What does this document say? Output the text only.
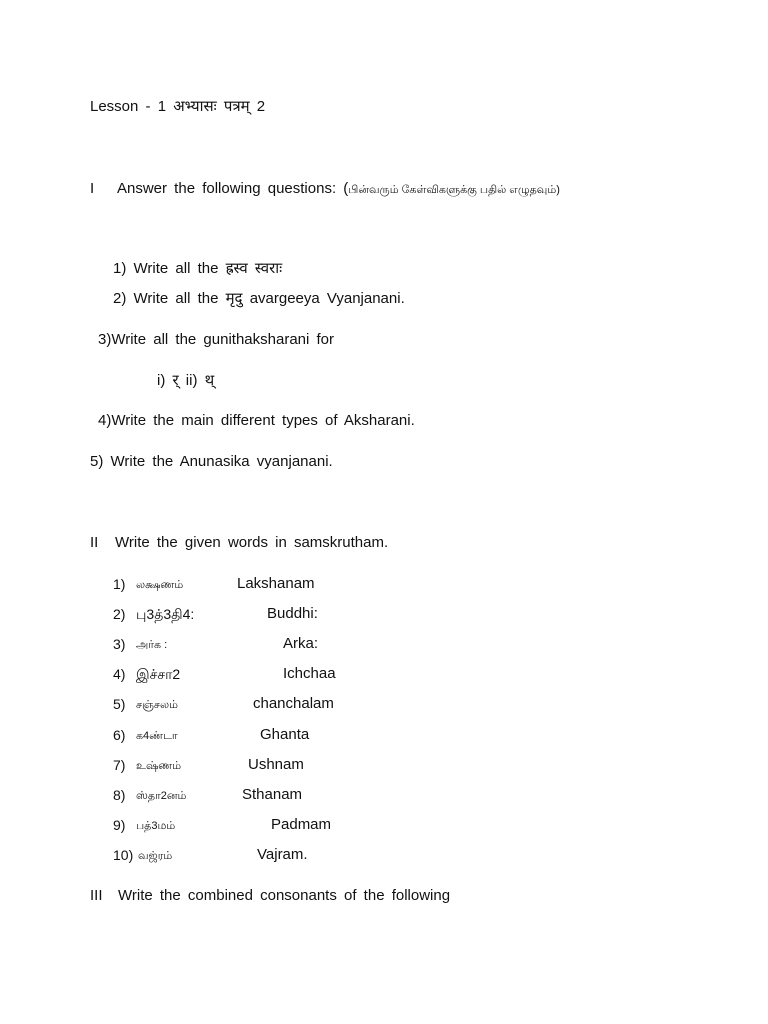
Lesson - 1 अभ्यासः पत्रम् 2
I Answer the following questions: (பின்வரும் கேள்விகளுக்கு பதில் எழுதவும்)
1) Write all the ह्रस्व स्वराः
2) Write all the मृदु avargeeya Vyanjanani.
3)Write all the gunithaksharani for
i) र् ii) थ्
4)Write the main different types of Aksharani.
5) Write the Anunasika vyanjanani.
II Write the given words in samskrutham.
1) லக்ஷணம்	Lakshanam
2) பு3த்3தி4:	Buddhi:
3) அர்க :	Arka:
4) இச்சா2	Ichchaa
5) சஞ்சலம்	chanchalam
6) க4ண்டா	Ghanta
7) உஷ்ணம்	Ushnam
8) ஸ்தா2னம்	Sthanam
9) பத்3மம்	Padmam
10) வஜ்ரம்	Vajram.
III Write the combined consonants of the following
